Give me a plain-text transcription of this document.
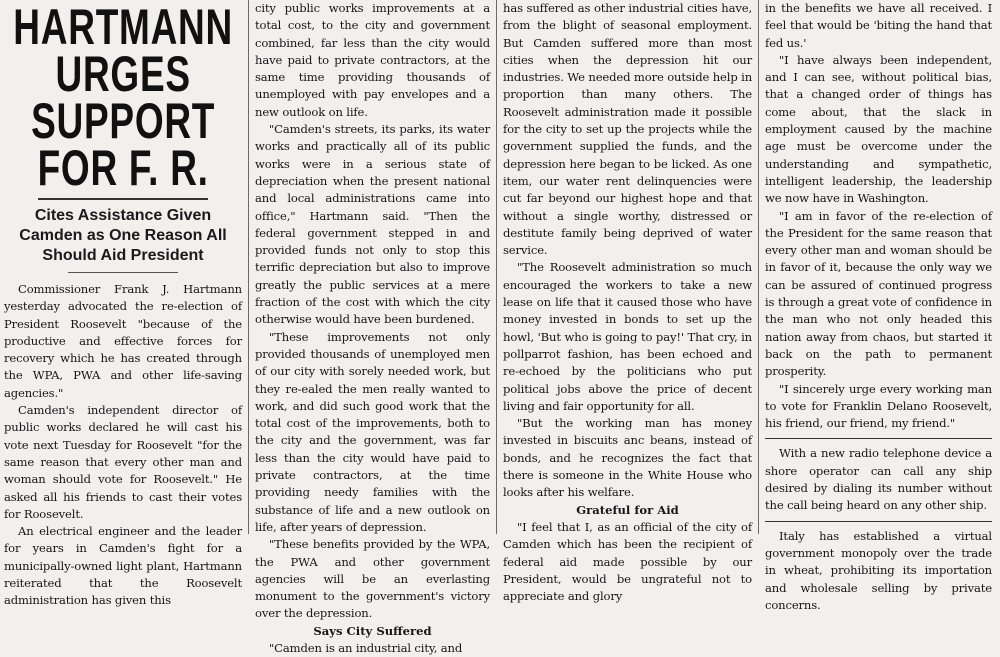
HARTMANN URGES SUPPORT FOR F. R.
Cites Assistance Given Camden as One Reason All Should Aid President

Commissioner Frank J. Hartmann yesterday advocated the re-election of President Roosevelt "because of the productive and effective forces for recovery which he has created through the WPA, PWA and other life-saving agencies."

Camden's independent director of public works declared he will cast his vote next Tuesday for Roosevelt "for the same reason that every other man and woman should vote for Roosevelt." He asked all his friends to cast their votes for Roosevelt.

An electrical engineer and the leader for years in Camden's fight for a municipally-owned light plant, Hartmann reiterated that the Roosevelt administration has given this

city public works improvements at a total cost, to the city and government combined, far less than the city would have paid to private contractors, at the same time providing thousands of unemployed with pay envelopes and a new outlook on life.

"Camden's streets, its parks, its water works and practically all of its public works were in a serious state of depreciation when the present national and local administrations came into office," Hartmann said. "Then the federal government stepped in and provided funds not only to stop this terrific depreciation but also to improve greatly the public services at a mere fraction of the cost with which the city otherwise would have been burdened.

"These improvements not only provided thousands of unemployed men of our city with sorely needed work, but they re-ealed the men really wanted to work, and did such good work that the total cost of the improvements, both to the city and the government, was far less than the city would have paid to private contractors, at the time providing needy families with the substance of life and a new outlook on life, after years of depression.

"These benefits provided by the WPA, the PWA and other government agencies will be an everlasting monument to the government's victory over the depression.

Says City Suffered

"Camden is an industrial city, and

has suffered as other industrial cities have, from the blight of seasonal employment. But Camden suffered more than most cities when the depression hit our industries. We needed more outside help in proportion than many others. The Roosevelt administration made it possible for the city to set up the projects while the government supplied the funds, and the depression here began to be licked. As one item, our water rent delinquencies were cut far beyond our highest hope and that without a single worthy, distressed or destitute family being deprived of water service.

"The Roosevelt administration so much encouraged the workers to take a new lease on life that it caused those who have money invested in bonds to set up the howl, 'But who is going to pay!' That cry, in pollparrot fashion, has been echoed and re-echoed by the politicians who put political jobs above the price of decent living and fair opportunity for all.

"But the working man has money invested in biscuits anc beans, instead of bonds, and he recognizes the fact that there is someone in the White House who looks after his welfare.

Grateful for Aid

"I feel that I, as an official of the city of Camden which has been the recipient of federal aid made possible by our President, would be ungrateful not to appreciate and glory

in the benefits we have all received. I feel that would be 'biting the hand that fed us.'

"I have always been independent, and I can see, without political bias, that a changed order of things has come about, that the slack in employment caused by the machine age must be overcome under the understanding and sympathetic, intelligent leadership, the leadership we now have in Washington.

"I am in favor of the re-election of the President for the same reason that every other man and woman should be in favor of it, because the only way we can be assured of continued progress is through a great vote of confidence in the man who not only headed this nation away from chaos, but started it back on the path to permanent prosperity.

"I sincerely urge every working man to vote for Franklin Delano Roosevelt, his friend, our friend, my friend."

With a new radio telephone device a shore operator can call any ship desired by dialing its number without the call being heard on any other ship.

Italy has established a virtual government monopoly over the trade in wheat, prohibiting its importation and wholesale selling by private concerns.
